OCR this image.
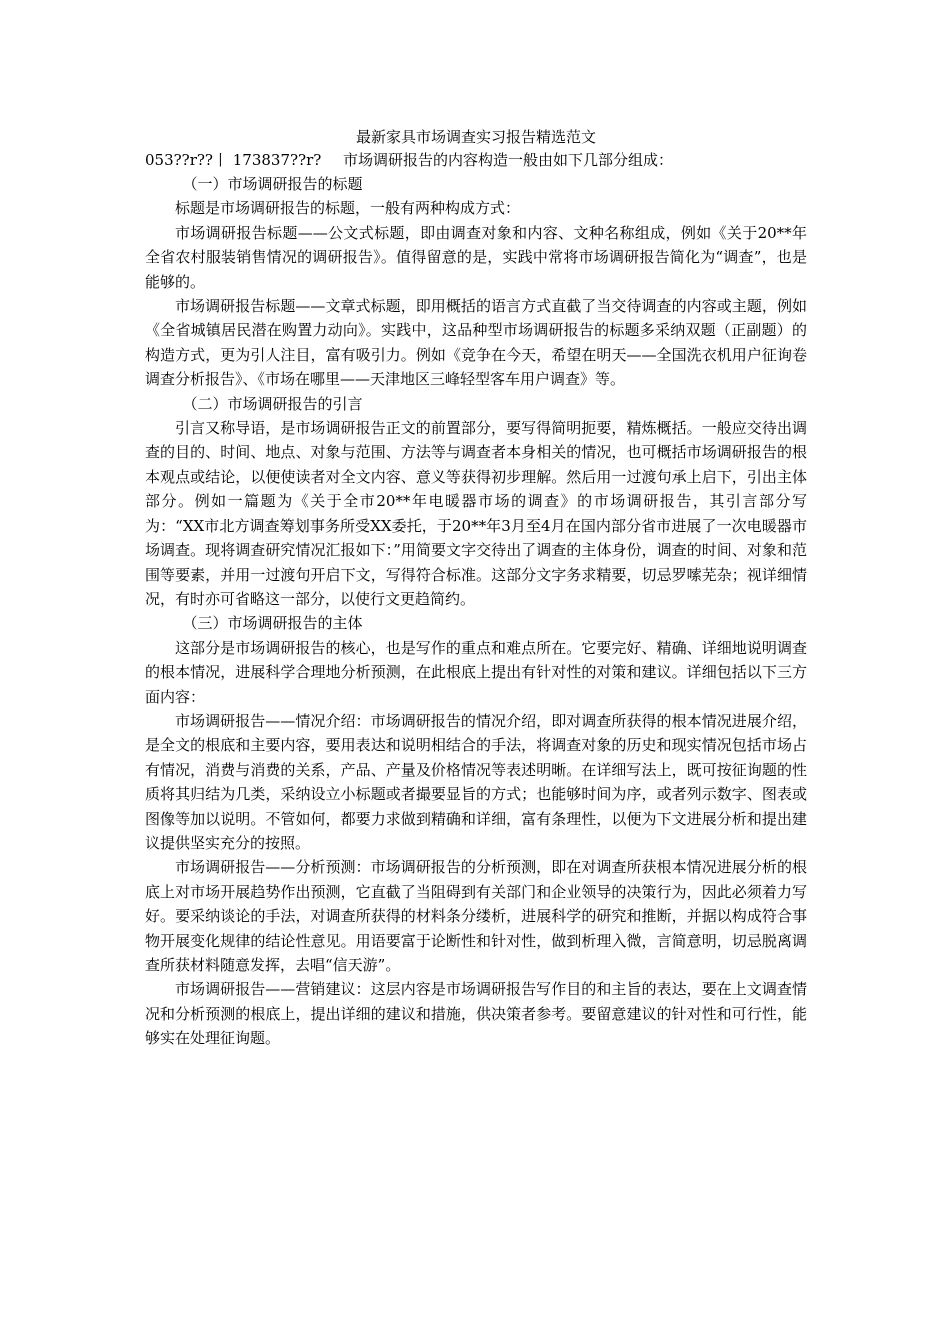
最新家具市场调查实习报告精选范文
053??r??丨 173837??r? 市场调研报告的内容构造一般由如下几部分组成：

（一）市场调研报告的标题

标题是市场调研报告的标题，一般有两种构成方式：

市场调研报告标题——公文式标题，即由调查对象和内容、文种名称组成，例如《关于20**年全省农村服装销售情况的调研报告》。值得留意的是，实践中常将市场调研报告简化为“调查”，也是能够的。

市场调研报告标题——文章式标题，即用概括的语言方式直截了当交待调查的内容或主题，例如《全省城镇居民潜在购置力动向》。实践中，这品种型市场调研报告的标题多采纳双题（正副题）的构造方式，更为引人注目，富有吸引力。例如《竞争在今天，希望在明天——全国洗衣机用户征询卷调查分析报告》、《市场在哪里——天津地区三峰轻型客车用户调查》等。

（二）市场调研报告的引言

引言又称导语，是市场调研报告正文的前置部分，要写得简明扼要，精炼概括。一般应交待出调查的目的、时间、地点、对象与范围、方法等与调查者本身相关的情况，也可概括市场调研报告的根本观点或结论，以便使读者对全文内容、意义等获得初步理解。然后用一过渡句承上启下，引出主体部分。例如一篇题为《关于全市20**年电暖器市场的调查》的市场调研报告，其引言部分写为：“XX市北方调查筹划事务所受XX委托，于20**年3月至4月在国内部分省市进展了一次电暖器市场调查。现将调查研究情况汇报如下：”用简要文字交待出了调查的主体身份，调查的时间、对象和范围等要素，并用一过渡句开启下文，写得符合标准。这部分文字务求精要，切忌罗嗦芜杂；视详细情况，有时亦可省略这一部分，以使行文更趋简约。

（三）市场调研报告的主体

这部分是市场调研报告的核心，也是写作的重点和难点所在。它要完好、精确、详细地说明调查的根本情况，进展科学合理地分析预测，在此根底上提出有针对性的对策和建议。详细包括以下三方面内容：

市场调研报告——情况介绍：市场调研报告的情况介绍，即对调查所获得的根本情况进展介绍，是全文的根底和主要内容，要用表达和说明相结合的手法，将调查对象的历史和现实情况包括市场占有情况，消费与消费的关系，产品、产量及价格情况等表述明晰。在详细写法上，既可按征询题的性质将其归结为几类，采纳设立小标题或者撮要显旨的方式；也能够时间为序，或者列示数字、图表或图像等加以说明。不管如何，都要力求做到精确和详细，富有条理性，以便为下文进展分析和提出建议提供坚实充分的按照。

市场调研报告——分析预测：市场调研报告的分析预测，即在对调查所获根本情况进展分析的根底上对市场开展趋势作出预测，它直截了当阻碍到有关部门和企业领导的决策行为，因此必须着力写好。要采纳谈论的手法，对调查所获得的材料条分缕析，进展科学的研究和推断，并据以构成符合事物开展变化规律的结论性意见。用语要富于论断性和针对性，做到析理入微，言简意明，切忌脱离调查所获材料随意发挥，去唱“信天游”。

市场调研报告——营销建议：这层内容是市场调研报告写作目的和主旨的表达，要在上文调查情况和分析预测的根底上，提出详细的建议和措施，供决策者参考。要留意建议的针对性和可行性，能够实在处理征询题。
